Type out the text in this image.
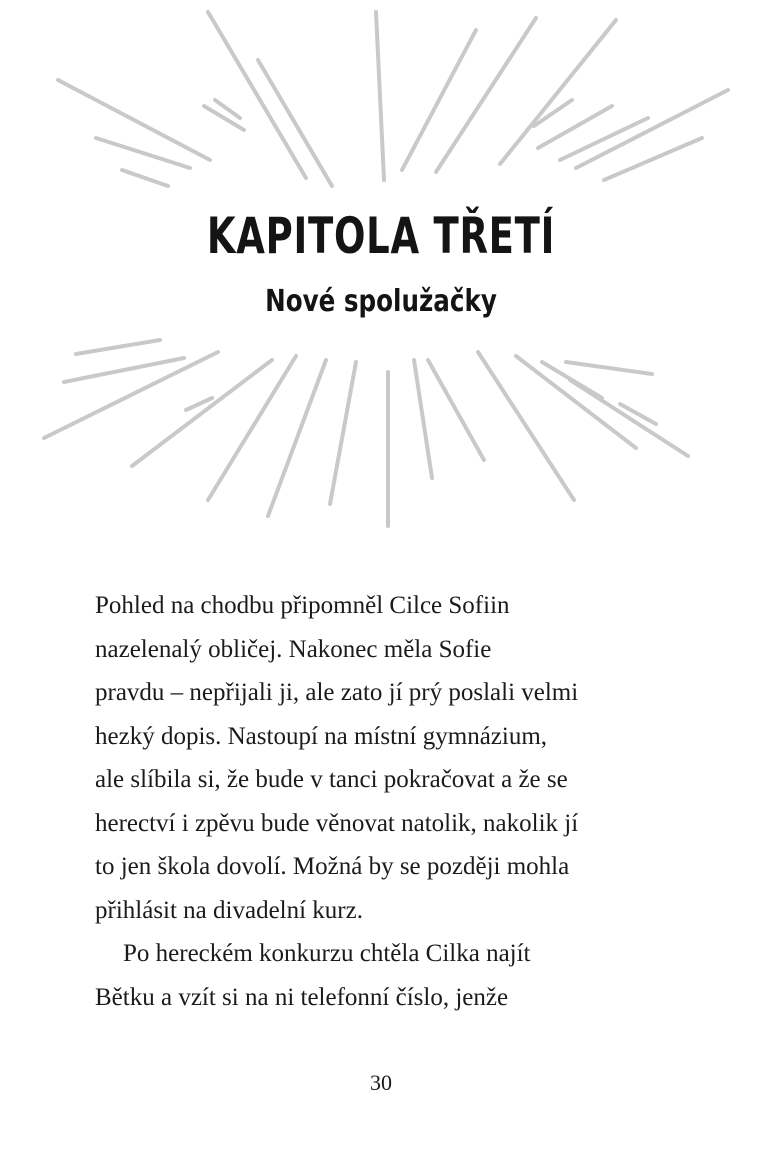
KAPITOLA TŘETÍ
Nové spolužačky
Pohled na chodbu připomněl Cilce Sofiin
nazelenalý obličej. Nakonec měla Sofie
pravdu – nepřijali ji, ale zato jí prý poslali velmi
hezký dopis. Nastoupí na místní gymnázium,
ale slíbila si, že bude v tanci pokračovat a že se
herectví i zpěvu bude věnovat natolik, nakolik jí
to jen škola dovolí. Možná by se později mohla
přihlásit na divadelní kurz.
Po hereckém konkurzu chtěla Cilka najít
Bětku a vzít si na ni telefonní číslo, jenže
30
